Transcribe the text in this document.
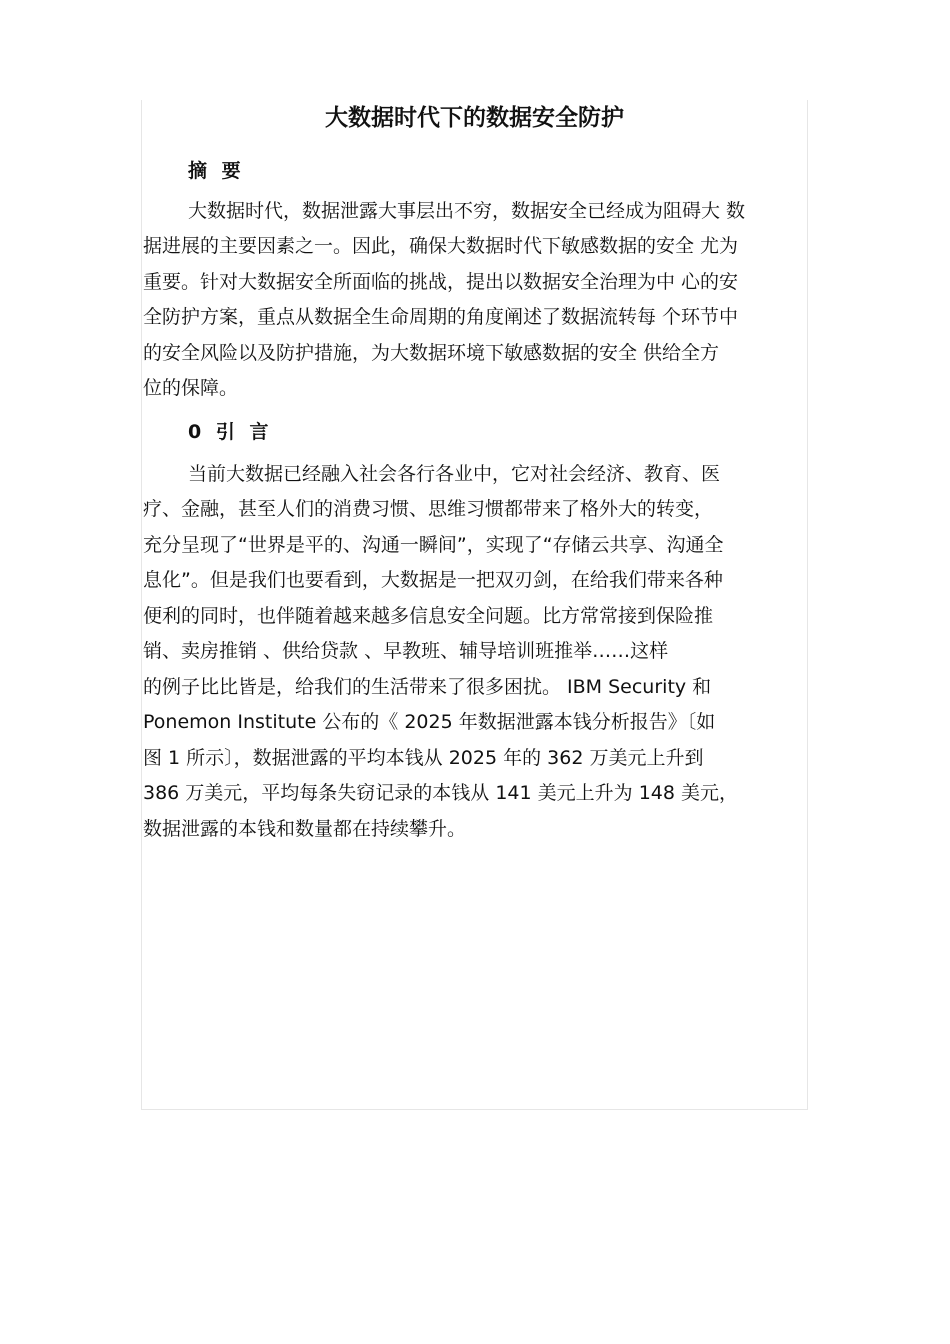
大数据时代下的数据安全防护
摘 要

大数据时代，数据泄露大事层出不穷，数据安全已经成为阻碍大 数

据进展的主要因素之一。因此，确保大数据时代下敏感数据的安全 尤为

重要。针对大数据安全所面临的挑战，提出以数据安全治理为中 心的安

全防护方案，重点从数据全生命周期的角度阐述了数据流转每 个环节中

的安全风险以及防护措施，为大数据环境下敏感数据的安全 供给全方

位的保障。

0 引 言

当前大数据已经融入社会各行各业中，它对社会经济、教育、医

疗、金融，甚至人们的消费习惯、思维习惯都带来了格外大的转变，

充分呈现了“世界是平的、沟通一瞬间”，实现了“存储云共享、沟通全

息化”。但是我们也要看到，大数据是一把双刃剑，在给我们带来各种

便利的同时，也伴随着越来越多信息安全问题。比方常常接到保险推

销、卖房推销 、供给贷款 、早教班、辅导培训班推举……这样

的例子比比皆是，给我们的生活带来了很多困扰。 IBM Security 和

Ponemon Institute 公布的《 2025 年数据泄露本钱分析报告》〔如

图 1 所示〕，数据泄露的平均本钱从 2025 年的 362 万美元上升到

386 万美元，平均每条失窃记录的本钱从 141 美元上升为 148 美元，

数据泄露的本钱和数量都在持续攀升。
